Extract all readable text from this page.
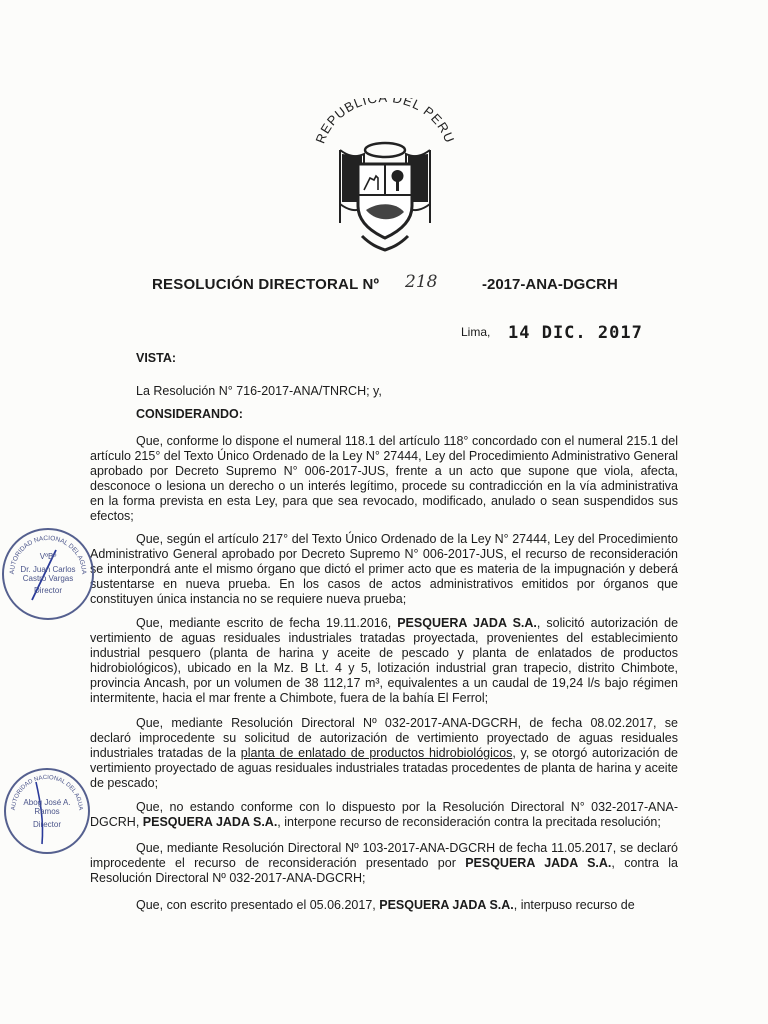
REPUBLIC DEL PERU
RESOLUCIÓN DIRECTORAL Nº 218	-2017-ANA-DGCRH
Lima, 14 DIC. 2017
VISTA:
La Resolución N° 716-2017-ANA/TNRCH; y,
CONSIDERANDO:
Que, conforme lo dispone el numeral 118.1 del artículo 118° concordado con el numeral 215.1 del artículo 215° del Texto Único Ordenado de la Ley N° 27444, Ley del Procedimiento Administrativo General aprobado por Decreto Supremo N° 006-2017-JUS, frente a un acto que supone que viola, afecta, desconoce o lesiona un derecho o un interés legítimo, procede su contradicción en la vía administrativa en la forma prevista en esta Ley, para que sea revocado, modificado, anulado o sean suspendidos sus efectos;
Que, según el artículo 217° del Texto Único Ordenado de la Ley N° 27444, Ley del Procedimiento Administrativo General aprobado por Decreto Supremo N° 006-2017-JUS, el recurso de reconsideración se interpondrá ante el mismo órgano que dictó el primer acto que es materia de la impugnación y deberá sustentarse en nueva prueba. En los casos de actos administrativos emitidos por órganos que constituyen única instancia no se requiere nueva prueba;
Que, mediante escrito de fecha 19.11.2016, PESQUERA JADA S.A., solicitó autorización de vertimiento de aguas residuales industriales tratadas proyectada, provenientes del establecimiento industrial pesquero (planta de harina y aceite de pescado y planta de enlatados de productos hidrobiológicos), ubicado en la Mz. B Lt. 4 y 5, lotización industrial gran trapecio, distrito Chimbote, provincia Ancash, por un volumen de 38 112,17 m³, equivalentes a un caudal de 19,24 l/s bajo régimen intermitente, hacia el mar frente a Chimbote, fuera de la bahía El Ferrol;
Que, mediante Resolución Directoral Nº 032-2017-ANA-DGCRH, de fecha 08.02.2017, se declaró improcedente su solicitud de autorización de vertimiento proyectado de aguas residuales industriales tratadas de la planta de enlatado de productos hidrobiológicos, y, se otorgó autorización de vertimiento proyectado de aguas residuales industriales tratadas procedentes de planta de harina y aceite de pescado;
Que, no estando conforme con lo dispuesto por la Resolución Directoral N° 032-2017-ANA-DGCRH, PESQUERA JADA S.A., interpone recurso de reconsideración contra la precitada resolución;
Que, mediante Resolución Directoral Nº 103-2017-ANA-DGCRH de fecha 11.05.2017, se declaró improcedente el recurso de reconsideración presentado por PESQUERA JADA S.A., contra la Resolución Directoral Nº 032-2017-ANA-DGCRH;
Que, con escrito presentado el 05.06.2017, PESQUERA JADA S.A., interpuso recurso de
AUTORIDAD NACIONAL DEL AGUA
VºBº
Dr. Juan Carlos Castro Vargas
Director
AUTORIDAD NACIONAL DEL AGUA
Abog José A. Ramos
Director
